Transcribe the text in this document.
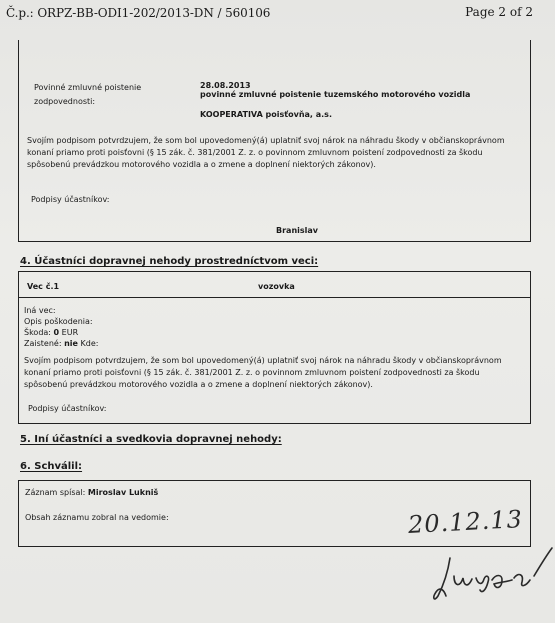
Č.p.: ORPZ-BB-ODI1-202/2013-DN / 560106	Page 2 of 2
Povinné zmluvné poistenie
zodpovednosti:
28.08.2013
povinné zmluvné poistenie tuzemského motorového vozidla
KOOPERATIVA poisťovňa, a.s.
Svojím podpisom potvrdzujem, že som bol upovedomený(á) uplatniť svoj nárok na náhradu škody v občianskoprávnom
konaní priamo proti poisťovni (§ 15 zák. č. 381/2001 Z. z. o povinnom zmluvnom poistení zodpovednosti za škodu
spôsobenú prevádzkou motorového vozidla a o zmene a doplnení niektorých zákonov).
Podpisy účastníkov:
Branislav
4. Účastníci dopravnej nehody prostredníctvom veci:
Vec č.1	vozovka
Iná vec:
Opis poškodenia:
Škoda: 0 EUR
Zaistené: nie Kde:
Svojím podpisom potvrdzujem, že som bol upovedomený(á) uplatniť svoj nárok na náhradu škody v občianskoprávnom
konaní priamo proti poisťovni (§ 15 zák. č. 381/2001 Z. z. o povinnom zmluvnom poistení zodpovednosti za škodu
spôsobenú prevádzkou motorového vozidla a o zmene a doplnení niektorých zákonov).
Podpisy účastníkov:
5. Iní účastníci a svedkovia dopravnej nehody:
6. Schválil:
Záznam spísal: Miroslav Lukniš
Obsah záznamu zobral na vedomie:	20.12.13
